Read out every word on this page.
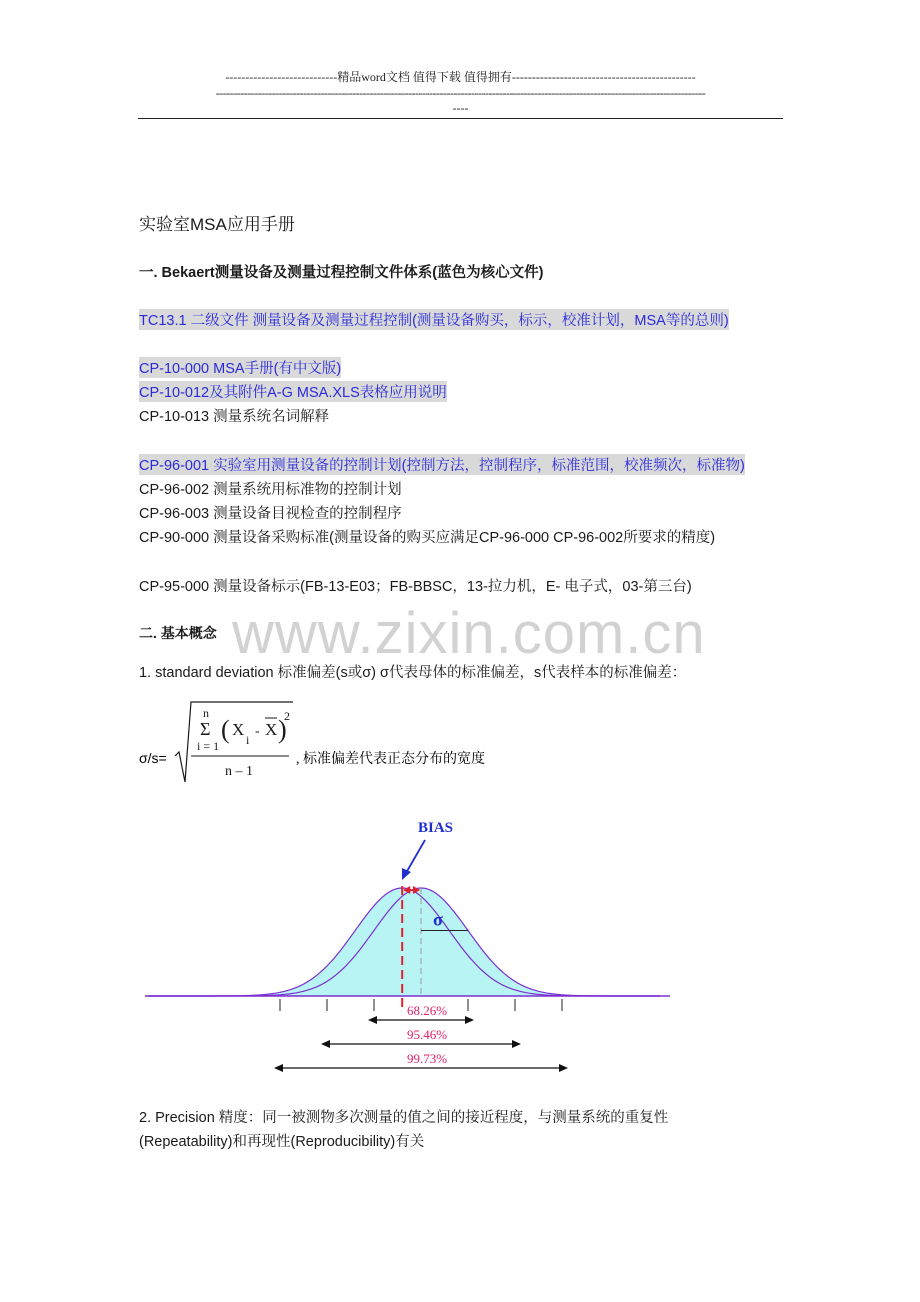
----------------------------精品word文档 值得下载 值得拥有----------------------------------------------
--------------------------------------------------------------------------------------------------------------------------------------------
----
www.zixin.com.cn
实验室MSA应用手册
一. Bekaert测量设备及测量过程控制文件体系(蓝色为核心文件)
TC13.1 二级文件 测量设备及测量过程控制(测量设备购买，标示，校准计划，MSA等的总则)
CP-10-000 MSA手册(有中文版)
CP-10-012及其附件A-G MSA.XLS表格应用说明
CP-10-013 测量系统名词解释
CP-96-001 实验室用测量设备的控制计划(控制方法，控制程序，标准范围，校准频次，标准物)
CP-96-002 测量系统用标准物的控制计划
CP-96-003 测量设备目视检查的控制程序
CP-90-000 测量设备采购标准(测量设备的购买应满足CP-96-000 CP-96-002所要求的精度)
CP-95-000 测量设备标示(FB-13-E03；FB-BBSC，13-拉力机，E- 电子式，03-第三台)
二. 基本概念
1. standard deviation 标准偏差(s或σ) σ代表母体的标准偏差，s代表样本的标准偏差：
σ/s=
n
Σ
i = 1
( X
i
- X )
2
n – 1
, 标准偏差代表正态分布的宽度
BIAS
σ
68.26%
95.46%
99.73%
2. Precision 精度：同一被测物多次测量的值之间的接近程度，与测量系统的重复性
(Repeatability)和再现性(Reproducibility)有关
